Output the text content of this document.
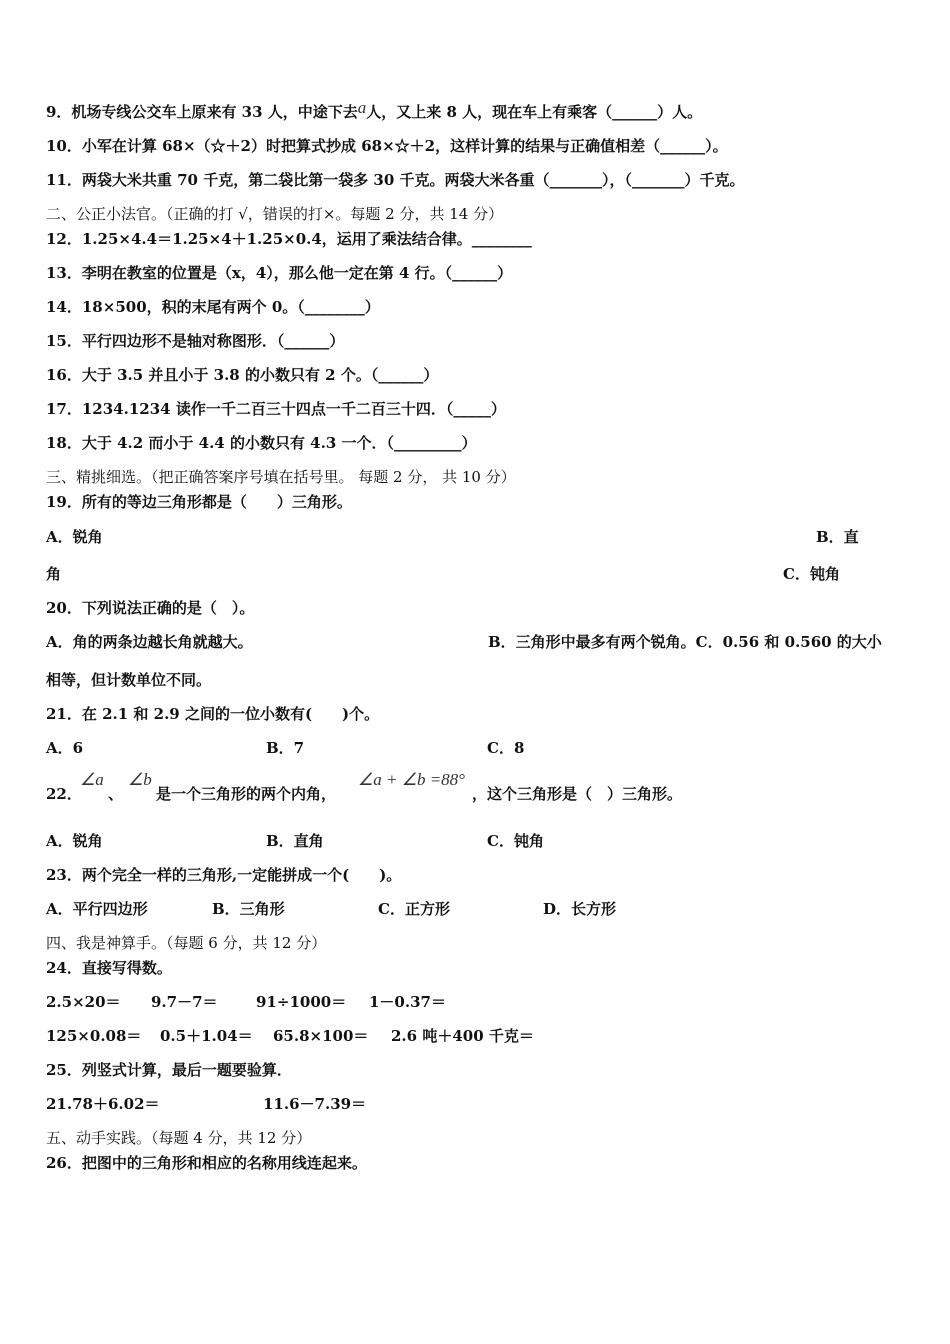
9．机场专线公交车上原来有 33 人，中途下去a人，又上来 8 人，现在车上有乘客（______）人。
10．小军在计算 68×（☆＋2）时把算式抄成 68×☆＋2，这样计算的结果与正确值相差（______）。
11．两袋大米共重 70 千克，第二袋比第一袋多 30 千克。两袋大米各重（_______），（_______）千克。
二、公正小法官。（正确的打 √，错误的打×。每题 2 分，共 14 分）
12．1.25×4.4＝1.25×4＋1.25×0.4，运用了乘法结合律。________
13．李明在教室的位置是（x，4），那么他一定在第 4 行。（______）
14．18×500，积的末尾有两个 0。（________）
15．平行四边形不是轴对称图形．（______）
16．大于 3.5 并且小于 3.8 的小数只有 2 个。（______）
17．1234.1234 读作一千二百三十四点一千二百三十四．（_____）
18．大于 4.2 而小于 4.4 的小数只有 4.3 一个．（_________）
三、精挑细选。（把正确答案序号填在括号里。 每题 2 分， 共 10 分）
19．所有的等边三角形都是（　　）三角形。
A．锐角	B．直
角	C．钝角
20．下列说法正确的是（　）。
A．角的两条边越长角就越大。	B．三角形中最多有两个锐角。C．0.56 和 0.560 的大小
相等，但计数单位不同。
21．在 2.1 和 2.9 之间的一位小数有(　　)个。
A．6	B．7	C．8
22．
∠a
、
∠b
是一个三角形的两个内角，
∠a + ∠b =88°
，这个三角形是（　）三角形。
A．锐角	B．直角	C．钝角
23．两个完全一样的三角形,一定能拼成一个(　　)。
A．平行四边形	B．三角形	C．正方形	D．长方形
四、我是神算手。（每题 6 分，共 12 分）
24．直接写得数。
2.5×20＝ 9.7－7＝	91÷1000＝ 1－0.37＝
125×0.08＝ 0.5＋1.04＝ 65.8×100＝ 2.6 吨＋400 千克＝
25．列竖式计算，最后一题要验算．
21.78＋6.02＝	11.6－7.39＝
五、动手实践。（每题 4 分，共 12 分）
26．把图中的三角形和相应的名称用线连起来。
